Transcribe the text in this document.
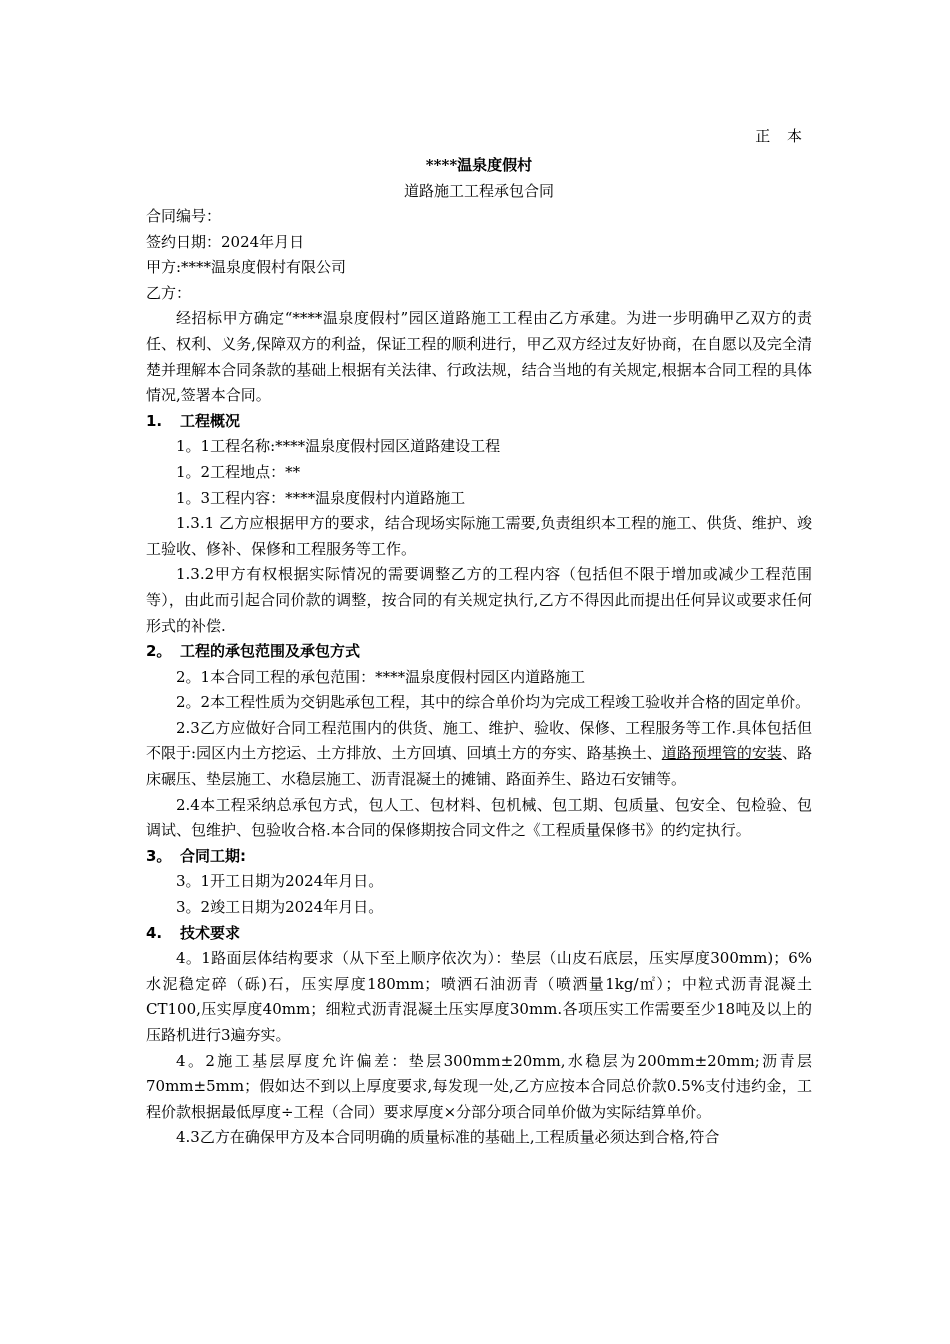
正 本
****温泉度假村
道路施工工程承包合同
合同编号：
签约日期：2024年月日
甲方:****温泉度假村有限公司
乙方：

经招标甲方确定“****温泉度假村”园区道路施工工程由乙方承建。为进一步明确甲乙双方的责任、权利、义务,保障双方的利益，保证工程的顺利进行，甲乙双方经过友好协商，在自愿以及完全清楚并理解本合同条款的基础上根据有关法律、行政法规，结合当地的有关规定,根据本合同工程的具体情况,签署本合同。

1. 工程概况

1。1工程名称:****温泉度假村园区道路建设工程

1。2工程地点：**

1。3工程内容：****温泉度假村内道路施工

1.3.1 乙方应根据甲方的要求，结合现场实际施工需要,负责组织本工程的施工、供货、维护、竣工验收、修补、保修和工程服务等工作。

1.3.2甲方有权根据实际情况的需要调整乙方的工程内容（包括但不限于增加或减少工程范围等），由此而引起合同价款的调整，按合同的有关规定执行,乙方不得因此而提出任何异议或要求任何形式的补偿.

2。 工程的承包范围及承包方式

2。1本合同工程的承包范围：****温泉度假村园区内道路施工

2。2本工程性质为交钥匙承包工程，其中的综合单价均为完成工程竣工验收并合格的固定单价。

2.3乙方应做好合同工程范围内的供货、施工、维护、验收、保修、工程服务等工作.具体包括但不限于:园区内土方挖运、土方排放、土方回填、回填土方的夯实、路基换土、道路预埋管的安装、路床碾压、垫层施工、水稳层施工、沥青混凝土的摊铺、路面养生、路边石安铺等。

2.4本工程采纳总承包方式，包人工、包材料、包机械、包工期、包质量、包安全、包检验、包调试、包维护、包验收合格.本合同的保修期按合同文件之《工程质量保修书》的约定执行。

3。 合同工期:

3。1开工日期为2024年月日。

3。2竣工日期为2024年月日。

4. 技术要求

4。1路面层体结构要求（从下至上顺序依次为）：垫层（山皮石底层，压实厚度300mm)；6%水泥稳定碎（砾)石，压实厚度180mm；喷洒石油沥青（喷洒量1kg/㎡）；中粒式沥青混凝土CT100,压实厚度40mm；细粒式沥青混凝土压实厚度30mm.各项压实工作需要至少18吨及以上的压路机进行3遍夯实。

4。2施工基层厚度允许偏差：垫层300mm±20mm,水稳层为200mm±20mm;沥青层70mm±5mm；假如达不到以上厚度要求,每发现一处,乙方应按本合同总价款0.5%支付违约金，工程价款根据最低厚度÷工程（合同）要求厚度×分部分项合同单价做为实际结算单价。

4.3乙方在确保甲方及本合同明确的质量标准的基础上,工程质量必须达到合格,符合
